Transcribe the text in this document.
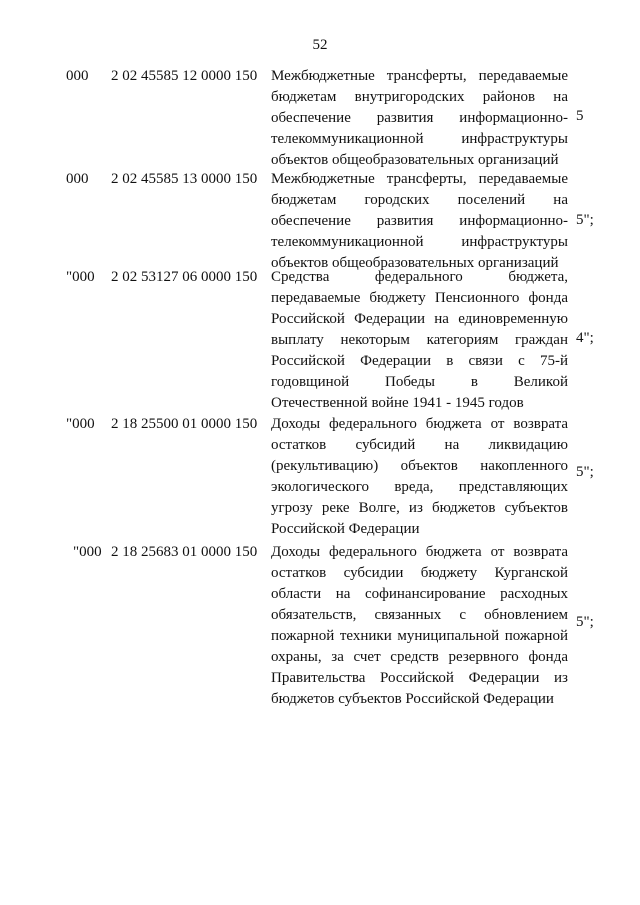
52
000	2 02 45585 12 0000 150 Межбюджетные трансферты, передаваемые
бюджетам внутригородских районов на
обеспечение развития информационно-
телекоммуникационной инфраструктуры
объектов общеобразовательных организаций
5
000	2 02 45585 13 0000 150 Межбюджетные трансферты, передаваемые
бюджетам городских поселений на
обеспечение развития информационно-
телекоммуникационной инфраструктуры
объектов общеобразовательных организаций
5";
"000	2 02 53127 06 0000 150 Средства федерального бюджета,
передаваемые бюджету Пенсионного фонда
Российской Федерации на единовременную
выплату некоторым категориям граждан
Российской Федерации в связи с 75-й
годовщиной Победы в Великой
Отечественной войне 1941 - 1945 годов
4";
"000	2 18 25500 01 0000 150 Доходы федерального бюджета от возврата
остатков субсидий на ликвидацию
(рекультивацию) объектов накопленного
экологического вреда, представляющих
угрозу реке Волге, из бюджетов субъектов
Российской Федерации
5";
"000 2 18 25683 01 0000 150 Доходы федерального бюджета от возврата
остатков субсидии бюджету Курганской
области на софинансирование расходных
обязательств, связанных с обновлением
пожарной техники муниципальной пожарной
охраны, за счет средств резервного фонда
Правительства Российской Федерации из
бюджетов субъектов Российской Федерации
5";
